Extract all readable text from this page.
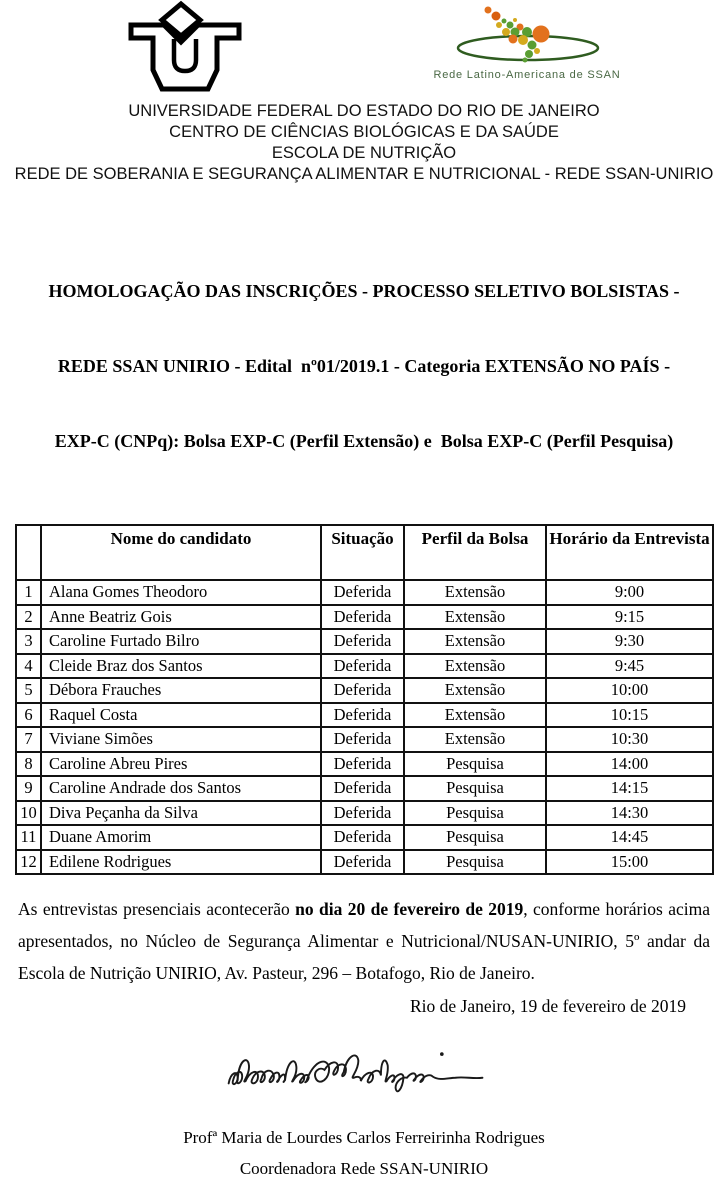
Rede Latino-Americana de SSAN
UNIVERSIDADE FEDERAL DO ESTADO DO RIO DE JANEIRO
CENTRO DE CIÊNCIAS BIOLÓGICAS E DA SAÚDE
ESCOLA DE NUTRIÇÃO
REDE DE SOBERANIA E SEGURANÇA ALIMENTAR E NUTRICIONAL - REDE SSAN-UNIRIO

HOMOLOGAÇÃO DAS INSCRIÇÕES - PROCESSO SELETIVO BOLSISTAS -

REDE SSAN UNIRIO - Edital  nº01/2019.1 - Categoria EXTENSÃO NO PAÍS -

EXP-C (CNPq): Bolsa EXP-C (Perfil Extensão) e  Bolsa EXP-C (Perfil Pesquisa)

	Nome do candidato	Situação	Perfil da Bolsa	Horário da Entrevista
1	Alana Gomes Theodoro	Deferida	Extensão	9:00
2	Anne Beatriz Gois	Deferida	Extensão	9:15
3	Caroline Furtado Bilro	Deferida	Extensão	9:30
4	Cleide Braz dos Santos	Deferida	Extensão	9:45
5	Débora Frauches	Deferida	Extensão	10:00
6	Raquel Costa	Deferida	Extensão	10:15
7	Viviane Simões	Deferida	Extensão	10:30
8	Caroline Abreu Pires	Deferida	Pesquisa	14:00
9	Caroline Andrade dos Santos	Deferida	Pesquisa	14:15
10	Diva Peçanha da Silva	Deferida	Pesquisa	14:30
11	Duane Amorim	Deferida	Pesquisa	14:45
12	Edilene Rodrigues	Deferida	Pesquisa	15:00
As entrevistas presenciais acontecerão no dia 20 de fevereiro de 2019, conforme horários acima apresentados, no Núcleo de Segurança Alimentar e Nutricional/NUSAN-UNIRIO, 5º andar da Escola de Nutrição UNIRIO, Av. Pasteur, 296 – Botafogo, Rio de Janeiro.
Rio de Janeiro, 19 de fevereiro de 2019
Profª Maria de Lourdes Carlos Ferreirinha Rodrigues
Coordenadora Rede SSAN-UNIRIO
